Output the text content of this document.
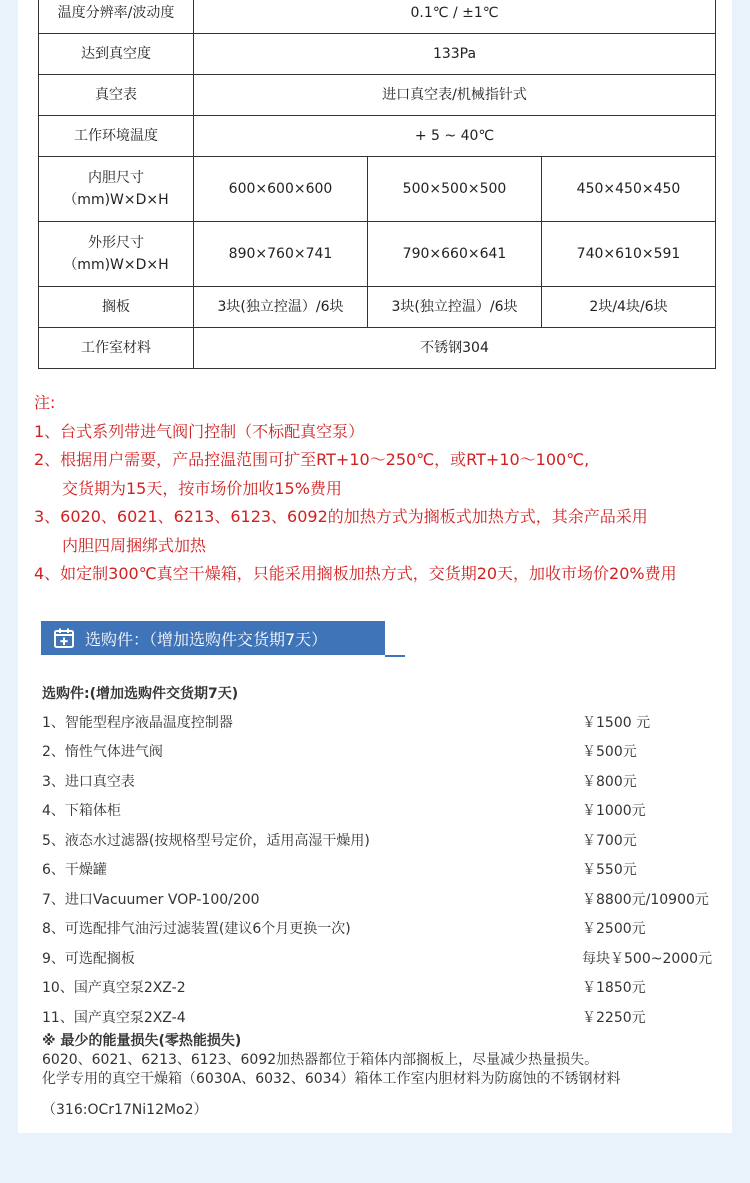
温度分辨率/波动度	0.1℃ / ±1℃		
达到真空度	133Pa		
真空表	进口真空表/机械指针式		
工作环境温度	+ 5 ~ 40℃		

内胆尺寸
（mm)W×D×H	600×600×600	500×500×500	450×450×450

外形尺寸
（mm)W×D×H	890×760×741	790×660×641	740×610×591
搁板	3块(独立控温）/6块	3块(独立控温）/6块	2块/4块/6块
工作室材料	不锈钢304		
注:
1、台式系列带进气阀门控制（不标配真空泵）
2、根据用户需要，产品控温范围可扩至RT+10～250℃，或RT+10～100℃,
交货期为15天，按市场价加收15%费用
3、6020、6021、6213、6123、6092的加热方式为搁板式加热方式，其余产品采用
内胆四周捆绑式加热
4、如定制300℃真空干燥箱，只能采用搁板加热方式，交货期20天，加收市场价20%费用
选购件：（增加选购件交货期7天）
选购件:(增加选购件交货期7天)
1、智能型程序液晶温度控制器	￥1500 元
2、惰性气体进气阀	￥500元
3、进口真空表	￥800元
4、下箱体柜	￥1000元
5、液态水过滤器(按规格型号定价，适用高湿干燥用)	￥700元
6、干燥罐	￥550元
7、进口Vacuumer VOP-100/200	￥8800元/10900元
8、可选配排气油污过滤装置(建议6个月更换一次)	￥2500元
9、可选配搁板	每块￥500~2000元
10、国产真空泵2XZ-2	￥1850元
11、国产真空泵2XZ-4	￥2250元
※ 最少的能量损失(零热能损失)
6020、6021、6213、6123、6092加热器都位于箱体内部搁板上，尽量减少热量损失。
化学专用的真空干燥箱（6030A、6032、6034）箱体工作室内胆材料为防腐蚀的不锈钢材料
（316:OCr17Ni12Mo2）
